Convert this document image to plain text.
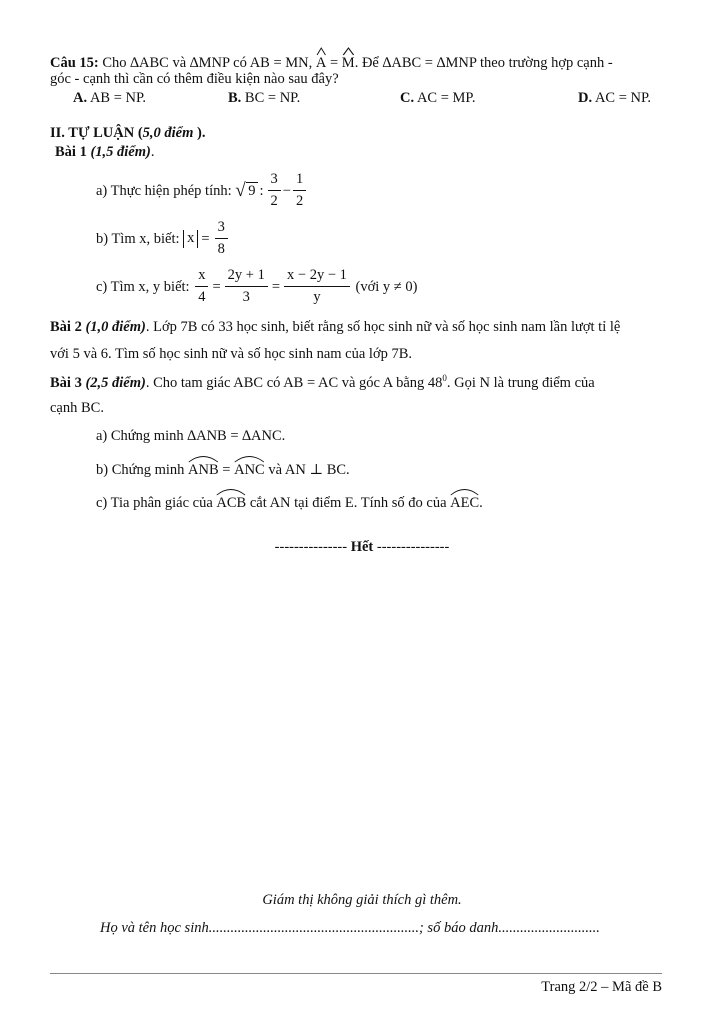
Câu 15: Cho ∆ABC và ∆MNP có AB = MN, A = M. Để ∆ABC = ∆MNP theo trường hợp cạnh -
góc - cạnh thì cần có thêm điều kiện nào sau đây?
A. AB = NP.	B. BC = NP.	C. AC = MP.	D. AC = NP.
II. TỰ LUẬN (5,0 điểm ).
Bài 1 (1,5 điểm).
a) Thực hiện phép tính:
√ 9 : $\frac{3}{2} - \frac{1}{2}$
b) Tìm x, biết:
$x = \frac{3}{8}$
c) Tìm x, y biết:
$\frac{x}{4} = \frac{2y + 1}{3} = \frac{x - 2y - 1}{y}$
(với y ≠ 0)
Bài 2 (1,0 điểm). Lớp 7B có 33 học sinh, biết rằng số học sinh nữ và số học sinh nam lần lượt tỉ lệ
với 5 và 6. Tìm số học sinh nữ và số học sinh nam của lớp 7B.
Bài 3 (2,5 điểm). Cho tam giác ABC có AB = AC và góc A bằng $48^0$. Gọi N là trung điểm của
cạnh BC.
a) Chứng minh ∆ANB = ∆ANC.
b) Chứng minh ANB = ANC và AN ⊥ BC.
c) Tia phân giác của ACB cắt AN tại điểm E. Tính số đo của AEC.
--------------- Hết ---------------
Giám thị không giải thích gì thêm.
Họ và tên học sinh..........................................................; số báo danh............................
Trang 2/2 – Mã đề B
